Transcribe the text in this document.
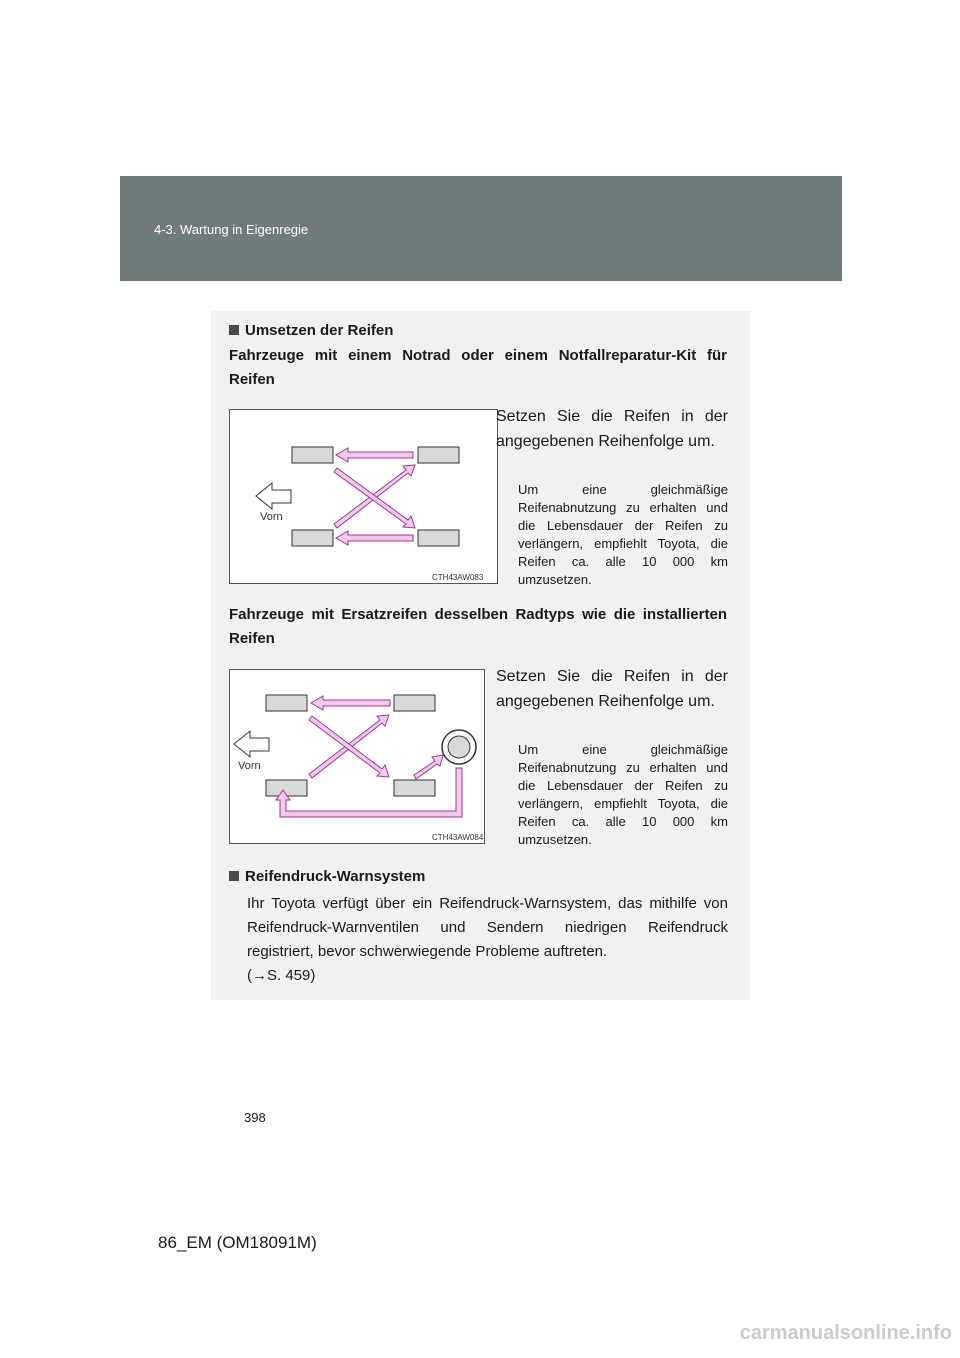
4-3. Wartung in Eigenregie
Umsetzen der Reifen
Fahrzeuge mit einem Notrad oder einem Notfallreparatur-Kit für Reifen
Vorn
CTH43AW083
Setzen Sie die Reifen in der angegebenen Reihenfolge um.
Um eine gleichmäßige Reifenabnutzung zu erhalten und die Lebensdauer der Reifen zu verlängern, empfiehlt Toyota, die Reifen ca. alle 10 000 km umzusetzen.
Fahrzeuge mit Ersatzreifen desselben Radtyps wie die installierten Reifen
Vorn
CTH43AW084
Setzen Sie die Reifen in der angegebenen Reihenfolge um.
Um eine gleichmäßige Reifenabnutzung zu erhalten und die Lebensdauer der Reifen zu verlängern, empfiehlt Toyota, die Reifen ca. alle 10 000 km umzusetzen.
Reifendruck-Warnsystem
Ihr Toyota verfügt über ein Reifendruck-Warnsystem, das mithilfe von Reifendruck-Warnventilen und Sendern niedrigen Reifendruck registriert, bevor schwerwiegende Probleme auftreten.
(→S. 459)
398
86_EM (OM18091M)
carmanualsonline.info
